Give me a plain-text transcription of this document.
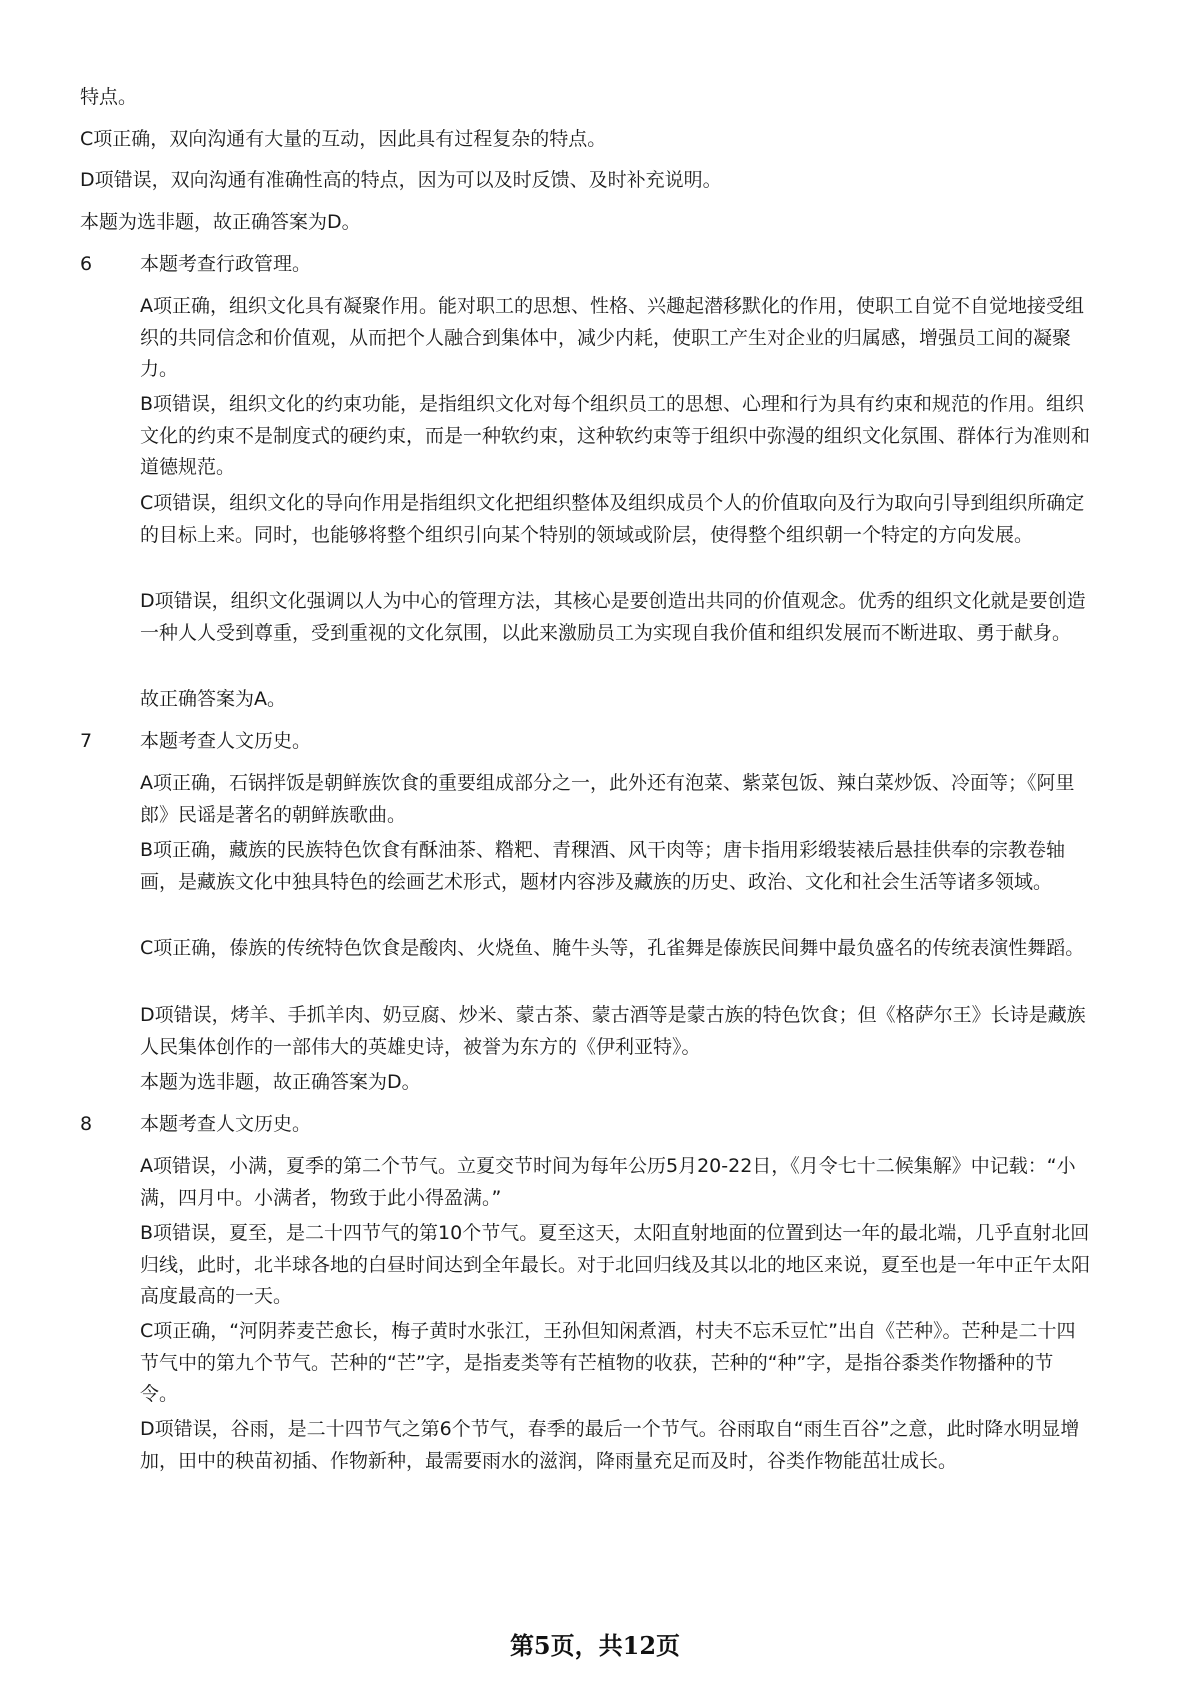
特点。

C项正确，双向沟通有大量的互动，因此具有过程复杂的特点。

D项错误，双向沟通有准确性高的特点，因为可以及时反馈、及时补充说明。

本题为选非题，故正确答案为D。

6	本题考查行政管理。

A项正确，组织文化具有凝聚作用。能对职工的思想、性格、兴趣起潜移默化的作用，使职工自觉不自觉地接受组织的共同信念和价值观，从而把个人融合到集体中，减少内耗，使职工产生对企业的归属感，增强员工间的凝聚力。

B项错误，组织文化的约束功能，是指组织文化对每个组织员工的思想、心理和行为具有约束和规范的作用。组织文化的约束不是制度式的硬约束，而是一种软约束，这种软约束等于组织中弥漫的组织文化氛围、群体行为准则和道德规范。

C项错误，组织文化的导向作用是指组织文化把组织整体及组织成员个人的价值取向及行为取向引导到组织所确定的目标上来。同时，也能够将整个组织引向某个特别的领域或阶层，使得整个组织朝一个特定的方向发展。

D项错误，组织文化强调以人为中心的管理方法，其核心是要创造出共同的价值观念。优秀的组织文化就是要创造一种人人受到尊重，受到重视的文化氛围，以此来激励员工为实现自我价值和组织发展而不断进取、勇于献身。

故正确答案为A。

7	本题考查人文历史。

A项正确，石锅拌饭是朝鲜族饮食的重要组成部分之一，此外还有泡菜、紫菜包饭、辣白菜炒饭、冷面等；《阿里郎》民谣是著名的朝鲜族歌曲。

B项正确，藏族的民族特色饮食有酥油茶、糌粑、青稞酒、风干肉等；唐卡指用彩缎装裱后悬挂供奉的宗教卷轴画，是藏族文化中独具特色的绘画艺术形式，题材内容涉及藏族的历史、政治、文化和社会生活等诸多领域。

C项正确，傣族的传统特色饮食是酸肉、火烧鱼、腌牛头等，孔雀舞是傣族民间舞中最负盛名的传统表演性舞蹈。

D项错误，烤羊、手抓羊肉、奶豆腐、炒米、蒙古茶、蒙古酒等是蒙古族的特色饮食；但《格萨尔王》长诗是藏族人民集体创作的一部伟大的英雄史诗，被誉为东方的《伊利亚特》。

本题为选非题，故正确答案为D。

8	本题考查人文历史。

A项错误，小满，夏季的第二个节气。立夏交节时间为每年公历5月20-22日，《月令七十二候集解》中记载：“小满，四月中。小满者，物致于此小得盈满。”

B项错误，夏至，是二十四节气的第10个节气。夏至这天，太阳直射地面的位置到达一年的最北端，几乎直射北回归线，此时，北半球各地的白昼时间达到全年最长。对于北回归线及其以北的地区来说，夏至也是一年中正午太阳高度最高的一天。

C项正确，“河阴荞麦芒愈长，梅子黄时水张江，王孙但知闲煮酒，村夫不忘禾豆忙”出自《芒种》。芒种是二十四节气中的第九个节气。芒种的“芒”字，是指麦类等有芒植物的收获，芒种的“种”字，是指谷黍类作物播种的节令。

D项错误，谷雨，是二十四节气之第6个节气，春季的最后一个节气。谷雨取自“雨生百谷”之意，此时降水明显增加，田中的秧苗初插、作物新种，最需要雨水的滋润，降雨量充足而及时，谷类作物能茁壮成长。

第5页，共12页
